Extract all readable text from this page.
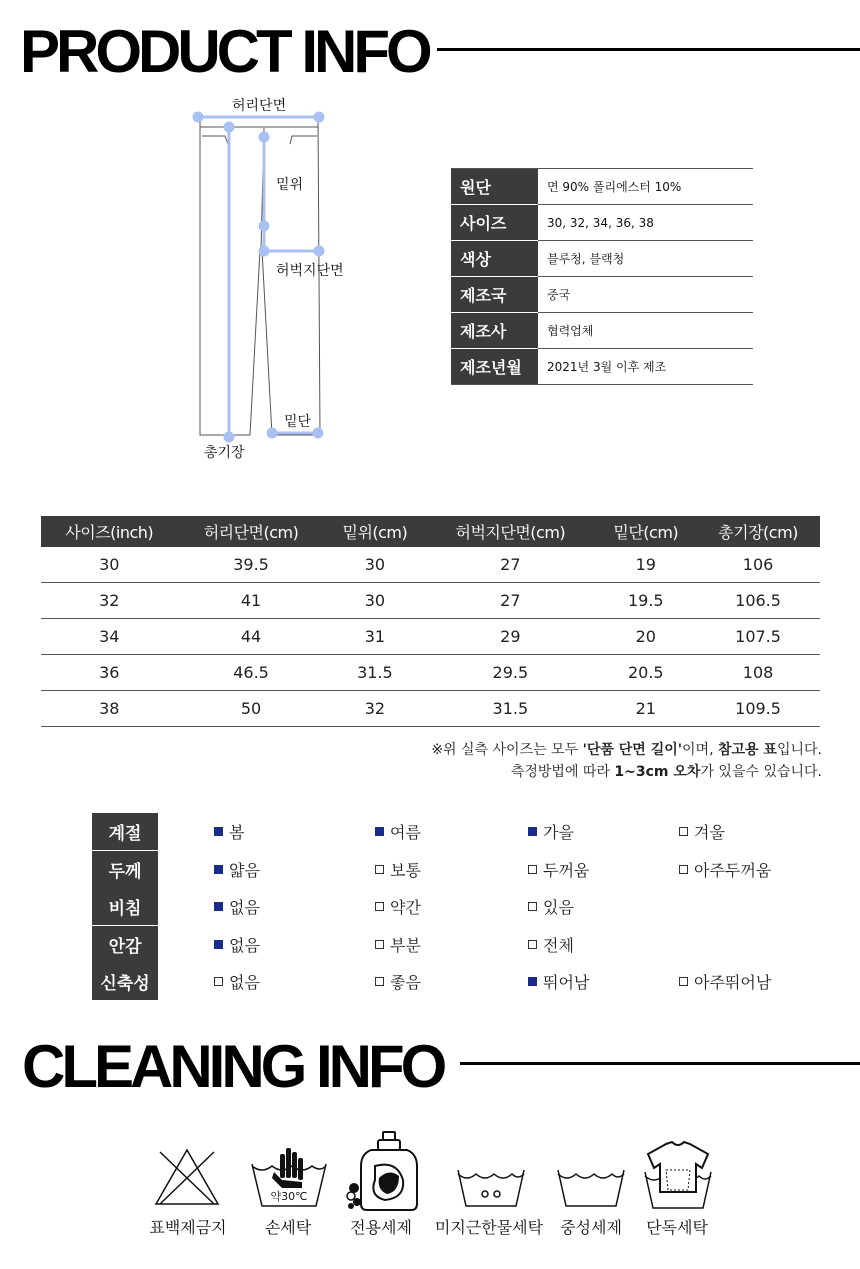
PRODUCT INFO
허리단면
밑위
허벅지단면
밑단
총기장
원단	면 90% 폴리에스터 10%
사이즈	30, 32, 34, 36, 38
색상	블루청, 블랙청
제조국	중국
제조사	협력업체
제조년월	2021년 3월 이후 제조
사이즈(inch)	허리단면(cm)	밑위(cm)	허벅지단면(cm)	밑단(cm)	총기장(cm)
30	39.5	30	27	19	106
32	41	30	27	19.5	106.5
34	44	31	29	20	107.5
36	46.5	31.5	29.5	20.5	108
38	50	32	31.5	21	109.5
※위 실측 사이즈는 모두 '단품 단면 길이'이며, 참고용 표입니다.
측정방법에 따라 1~3cm 오차가 있을수 있습니다.
계절	봄	여름	가을	겨울
두께	얇음	보통	두꺼움	아주두꺼움
비침	없음	약간	있음
안감	없음	부분	전체
신축성	없음	좋음	뛰어남	아주뛰어남
CLEANING INFO
약30℃
표백제금지	손세탁	전용세제	미지근한물세탁	중성세제	단독세탁
